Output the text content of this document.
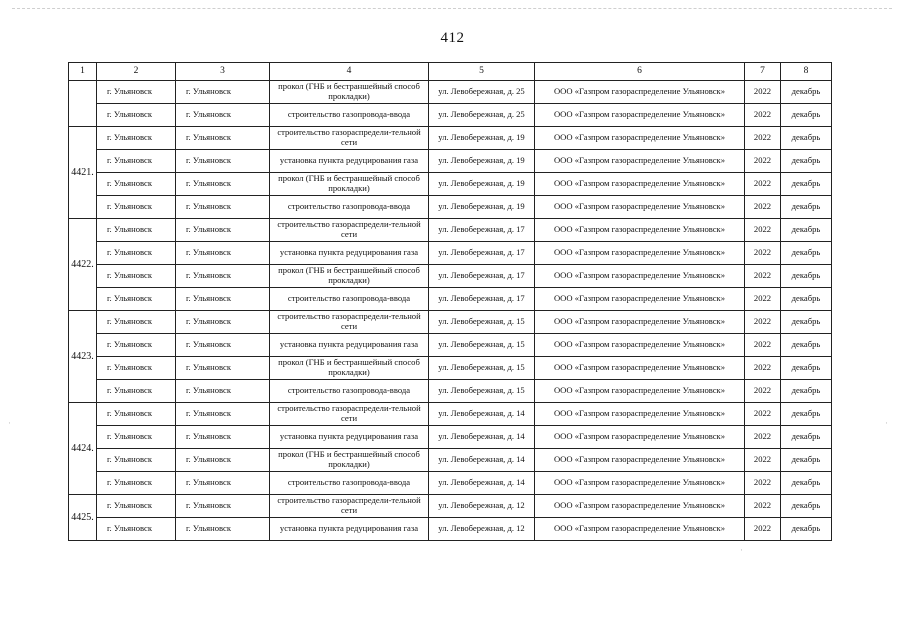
412
1	2	3	4	5	6	7	8
	г. Ульяновск	г. Ульяновск	прокол (ГНБ и бестраншейный способ прокладки)	ул. Левобережная, д. 25	ООО «Газпром газораспределение Ульяновск»	2022	декабрь
	г. Ульяновск	г. Ульяновск	строительство газопровода-ввода	ул. Левобережная, д. 25	ООО «Газпром газораспределение Ульяновск»	2022	декабрь
4421.	г. Ульяновск	г. Ульяновск	строительство газораспредели-тельной сети	ул. Левобережная, д. 19	ООО «Газпром газораспределение Ульяновск»	2022	декабрь
	г. Ульяновск	г. Ульяновск	установка пункта редуцирования газа	ул. Левобережная, д. 19	ООО «Газпром газораспределение Ульяновск»	2022	декабрь
	г. Ульяновск	г. Ульяновск	прокол (ГНБ и бестраншейный способ прокладки)	ул. Левобережная, д. 19	ООО «Газпром газораспределение Ульяновск»	2022	декабрь
	г. Ульяновск	г. Ульяновск	строительство газопровода-ввода	ул. Левобережная, д. 19	ООО «Газпром газораспределение Ульяновск»	2022	декабрь
4422.	г. Ульяновск	г. Ульяновск	строительство газораспредели-тельной сети	ул. Левобережная, д. 17	ООО «Газпром газораспределение Ульяновск»	2022	декабрь
	г. Ульяновск	г. Ульяновск	установка пункта редуцирования газа	ул. Левобережная, д. 17	ООО «Газпром газораспределение Ульяновск»	2022	декабрь
	г. Ульяновск	г. Ульяновск	прокол (ГНБ и бестраншейный способ прокладки)	ул. Левобережная, д. 17	ООО «Газпром газораспределение Ульяновск»	2022	декабрь
	г. Ульяновск	г. Ульяновск	строительство газопровода-ввода	ул. Левобережная, д. 17	ООО «Газпром газораспределение Ульяновск»	2022	декабрь
4423.	г. Ульяновск	г. Ульяновск	строительство газораспредели-тельной сети	ул. Левобережная, д. 15	ООО «Газпром газораспределение Ульяновск»	2022	декабрь
	г. Ульяновск	г. Ульяновск	установка пункта редуцирования газа	ул. Левобережная, д. 15	ООО «Газпром газораспределение Ульяновск»	2022	декабрь
	г. Ульяновск	г. Ульяновск	прокол (ГНБ и бестраншейный способ прокладки)	ул. Левобережная, д. 15	ООО «Газпром газораспределение Ульяновск»	2022	декабрь
	г. Ульяновск	г. Ульяновск	строительство газопровода-ввода	ул. Левобережная, д. 15	ООО «Газпром газораспределение Ульяновск»	2022	декабрь
4424.	г. Ульяновск	г. Ульяновск	строительство газораспредели-тельной сети	ул. Левобережная, д. 14	ООО «Газпром газораспределение Ульяновск»	2022	декабрь
	г. Ульяновск	г. Ульяновск	установка пункта редуцирования газа	ул. Левобережная, д. 14	ООО «Газпром газораспределение Ульяновск»	2022	декабрь
	г. Ульяновск	г. Ульяновск	прокол (ГНБ и бестраншейный способ прокладки)	ул. Левобережная, д. 14	ООО «Газпром газораспределение Ульяновск»	2022	декабрь
	г. Ульяновск	г. Ульяновск	строительство газопровода-ввода	ул. Левобережная, д. 14	ООО «Газпром газораспределение Ульяновск»	2022	декабрь
4425.	г. Ульяновск	г. Ульяновск	строительство газораспредели-тельной сети	ул. Левобережная, д. 12	ООО «Газпром газораспределение Ульяновск»	2022	декабрь
	г. Ульяновск	г. Ульяновск	установка пункта редуцирования газа	ул. Левобережная, д. 12	ООО «Газпром газораспределение Ульяновск»	2022	декабрь
·	·
·
